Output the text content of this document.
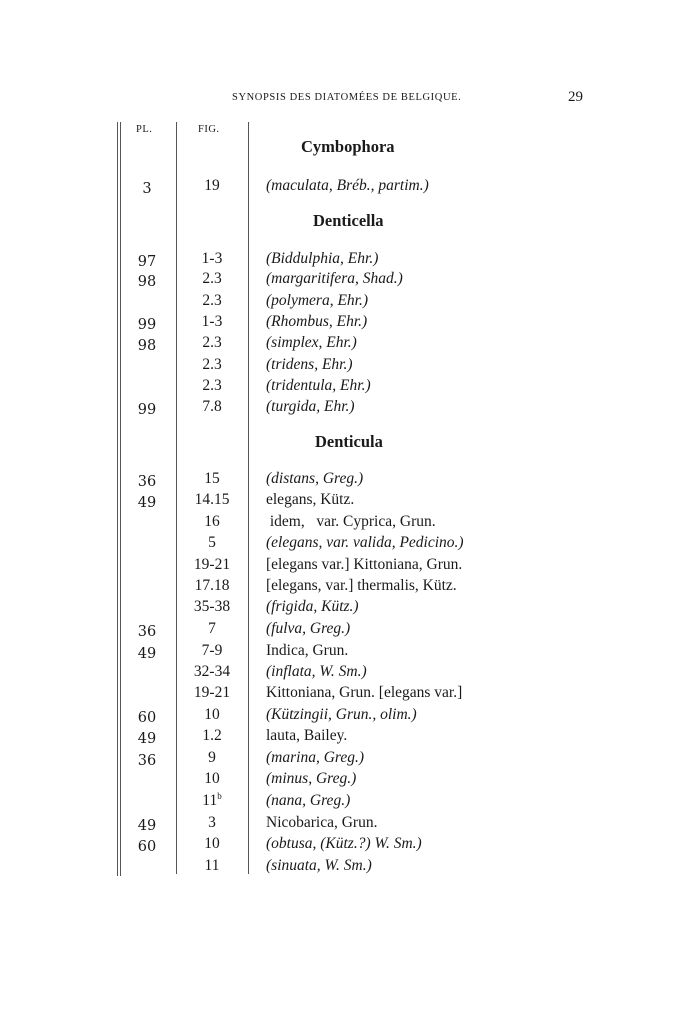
SYNOPSIS DES DIATOMÉES DE BELGIQUE.	29
PL.	FIG.
Cymbophora
3	19	(maculata, Bréb., partim.)
Denticella
97	1-3	(Biddulphia, Ehr.)
98	2.3	(margaritifera, Shad.)
2.3	(polymera, Ehr.)
99	1-3	(Rhombus, Ehr.)
98	2.3	(simplex, Ehr.)
2.3	(tridens, Ehr.)
2.3	(tridentula, Ehr.)
99	7.8	(turgida, Ehr.)
Denticula
36	15	(distans, Greg.)
49	14.15	elegans, Kütz.
16	idem,   var. Cyprica, Grun.
5	(elegans, var. valida, Pedicino.)
19-21	[elegans var.] Kittoniana, Grun.
17.18	[elegans, var.] thermalis, Kütz.
35-38	(frigida, Kütz.)
36	7	(fulva, Greg.)
49	7-9	Indica, Grun.
32-34	(inflata, W. Sm.)
19-21	Kittoniana, Grun. [elegans var.]
60	10	(Kützingii, Grun., olim.)
49	1.2	lauta, Bailey.
36	9	(marina, Greg.)
10	(minus, Greg.)
11$^b$	(nana, Greg.)
49	3	Nicobarica, Grun.
60	10	(obtusa, (Kütz.?) W. Sm.)
11	(sinuata, W. Sm.)
